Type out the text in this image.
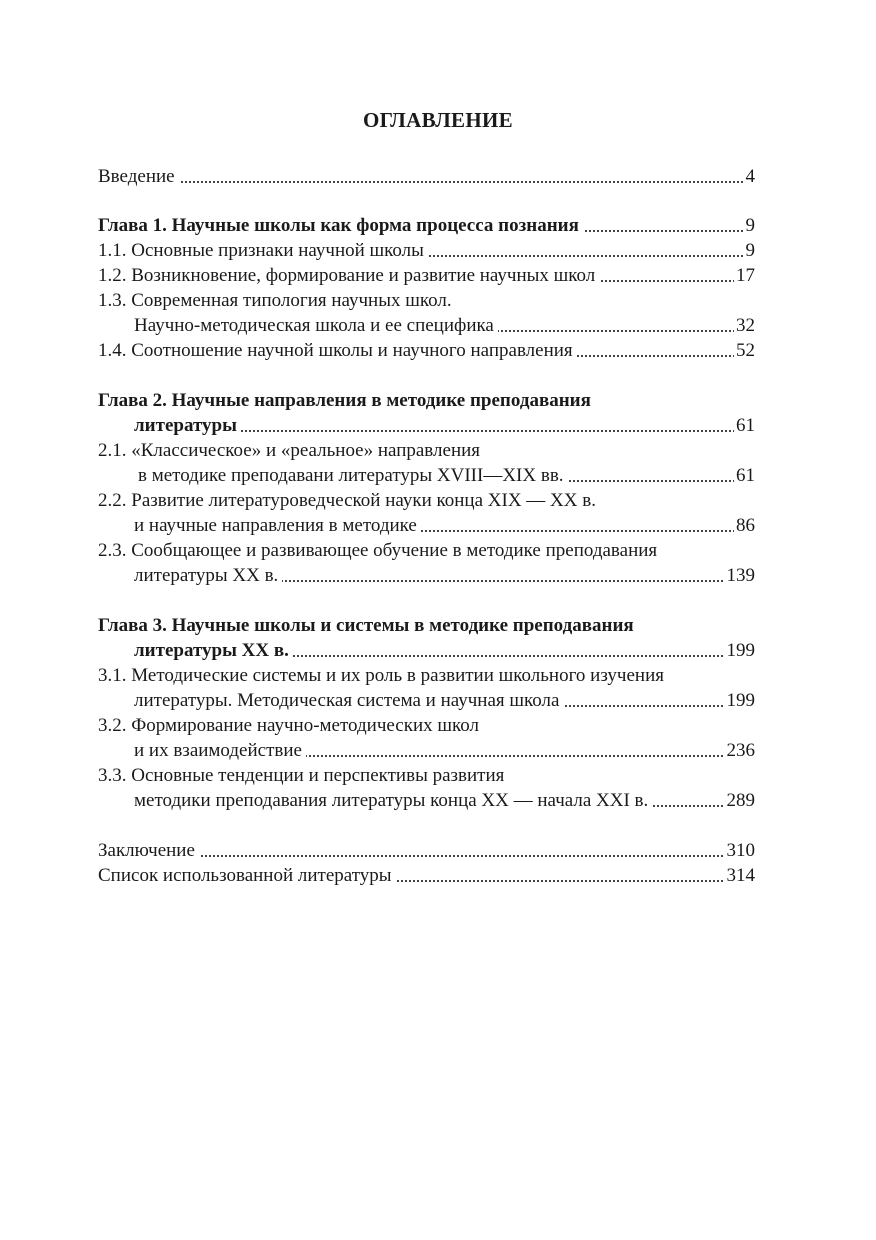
ОГЛАВЛЕНИЕ
Введение	4
Глава 1. Научные школы как форма процесса познания	9
1.1. Основные признаки научной школы	9
1.2. Возникновение, формирование и развитие научных школ	17
1.3. Современная типология научных школ.
Научно-методическая школа и ее специфика	32
1.4. Соотношение научной школы и научного направления	52
Глава 2. Научные направления в методике преподавания
литературы	61
2.1. «Классическое» и «реальное» направления
в методике преподавани литературы XVIII—XIX вв.	61
2.2. Развитие литературоведческой науки конца XIX — XX в.
и научные направления в методике	86
2.3. Сообщающее и развивающее обучение в методике преподавания
литературы XX в.	139
Глава 3. Научные школы и системы в методике преподавания
литературы XX в.	199
3.1. Методические системы и их роль в развитии школьного изучения
литературы. Методическая система и научная школа	199
3.2. Формирование научно-методических школ
и их взаимодействие	236
3.3. Основные тенденции и перспективы развития
методики преподавания литературы конца XX — начала XXI в.	289
Заключение	310
Список использованной литературы	314
